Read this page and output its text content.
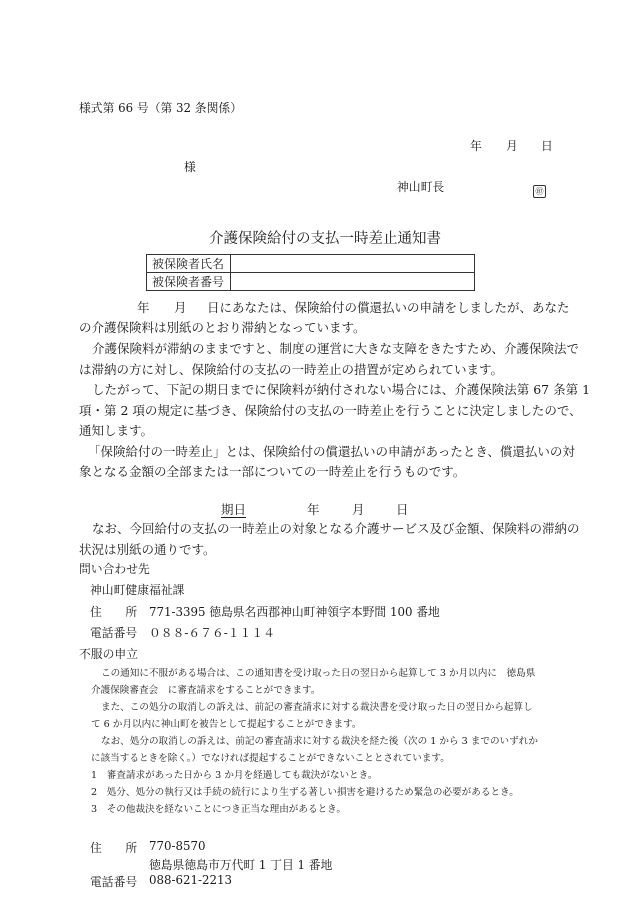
様式第 66 号（第 32 条関係）
年 月 日
様
神山町長	㊞
介護保険給付の支払一時差止通知書
被保険者氏名	
被保険者番号	
年 月 日にあなたは、保険給付の償還払いの申請をしましたが、あなた
の介護保険料は別紙のとおり滞納となっています。
介護保険料が滞納のままですと、制度の運営に大きな支障をきたすため、介護保険法で
は滞納の方に対し、保険給付の支払の一時差止の措置が定められています。
したがって、下記の期日までに保険料が納付されない場合には、介護保険法第 67 条第 1
項・第 2 項の規定に基づき、保険給付の支払の一時差止を行うことに決定しましたので、
通知します。
「保険給付の一時差止」とは、保険給付の償還払いの申請があったとき、償還払いの対
象となる金額の全部または一部についての一時差止を行うものです。
期日	年	月	日
なお、今回給付の支払の一時差止の対象となる介護サービス及び金額、保険料の滞納の
状況は別紙の通りです。
問い合わせ先
神山町健康福祉課
住　　所 771-3395 徳島県名西郡神山町神領字本野間 100 番地
電話番号 ０８８-６７６-１１１４
不服の申立
この通知に不服がある場合は、この通知書を受け取った日の翌日から起算して 3 か月以内に　徳島県
介護保険審査会　に審査請求をすることができます。
また、この処分の取消しの訴えは、前記の審査請求に対する裁決書を受け取った日の翌日から起算し
て 6 か月以内に神山町を被告として提起することができます。
なお、処分の取消しの訴えは、前記の審査請求に対する裁決を経た後（次の 1 から 3 までのいずれか
に該当するときを除く。）でなければ提起することができないこととされています。
1　審査請求があった日から 3 か月を経過しても裁決がないとき。
2　処分、処分の執行又は手続の続行により生ずる著しい損害を避けるため緊急の必要があるとき。
3　その他裁決を経ないことにつき正当な理由があるとき。
住　　所 770-8570
徳島県徳島市万代町 1 丁目 1 番地
電話番号 088-621-2213
